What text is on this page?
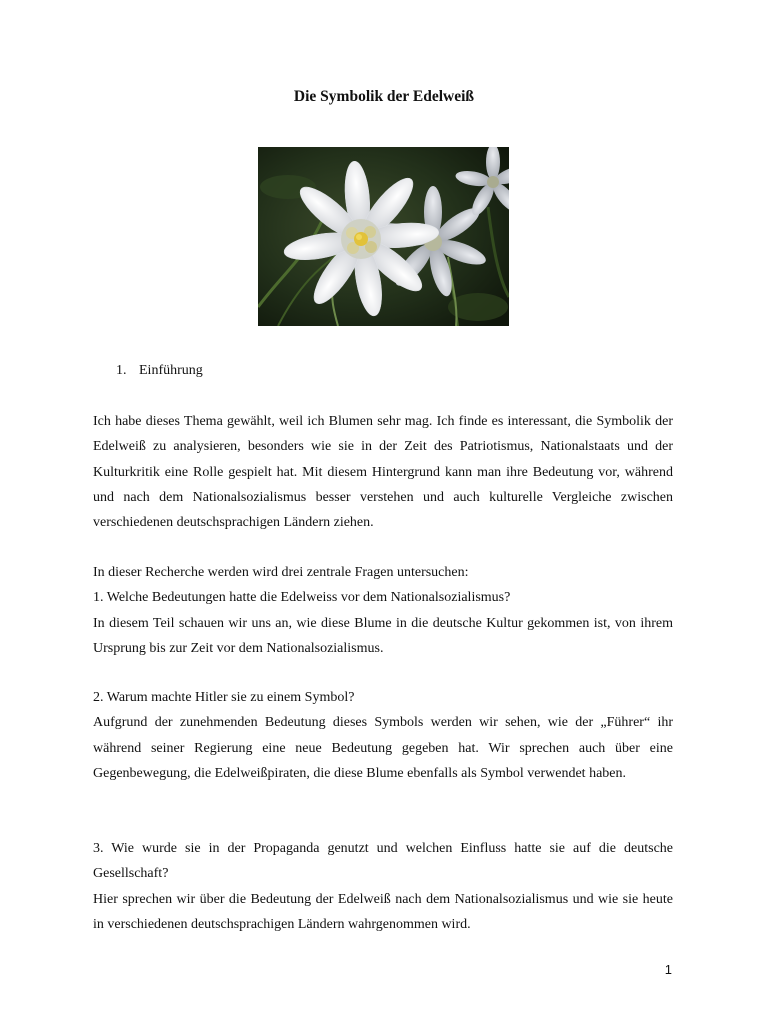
Die Symbolik der Edelweiß

1. Einführung

Ich habe dieses Thema gewählt, weil ich Blumen sehr mag. Ich finde es interessant, die Symbolik der Edelweiß zu analysieren, besonders wie sie in der Zeit des Patriotismus, Nationalstaats und der Kulturkritik eine Rolle gespielt hat. Mit diesem Hintergrund kann man ihre Bedeutung vor, während und nach dem Nationalsozialismus besser verstehen und auch kulturelle Vergleiche zwischen verschiedenen deutschsprachigen Ländern ziehen.

In dieser Recherche werden wird drei zentrale Fragen untersuchen:
1. Welche Bedeutungen hatte die Edelweiss vor dem Nationalsozialismus?
In diesem Teil schauen wir uns an, wie diese Blume in die deutsche Kultur gekommen ist, von ihrem Ursprung bis zur Zeit vor dem Nationalsozialismus.
2. Warum machte Hitler sie zu einem Symbol?
Aufgrund der zunehmenden Bedeutung dieses Symbols werden wir sehen, wie der „Führer“ ihr während seiner Regierung eine neue Bedeutung gegeben hat. Wir sprechen auch über eine Gegenbewegung, die Edelweißpiraten, die diese Blume ebenfalls als Symbol verwendet haben.
3. Wie wurde sie in der Propaganda genutzt und welchen Einfluss hatte sie auf die deutsche Gesellschaft?
Hier sprechen wir über die Bedeutung der Edelweiß nach dem Nationalsozialismus und wie sie heute in verschiedenen deutschsprachigen Ländern wahrgenommen wird.

1
